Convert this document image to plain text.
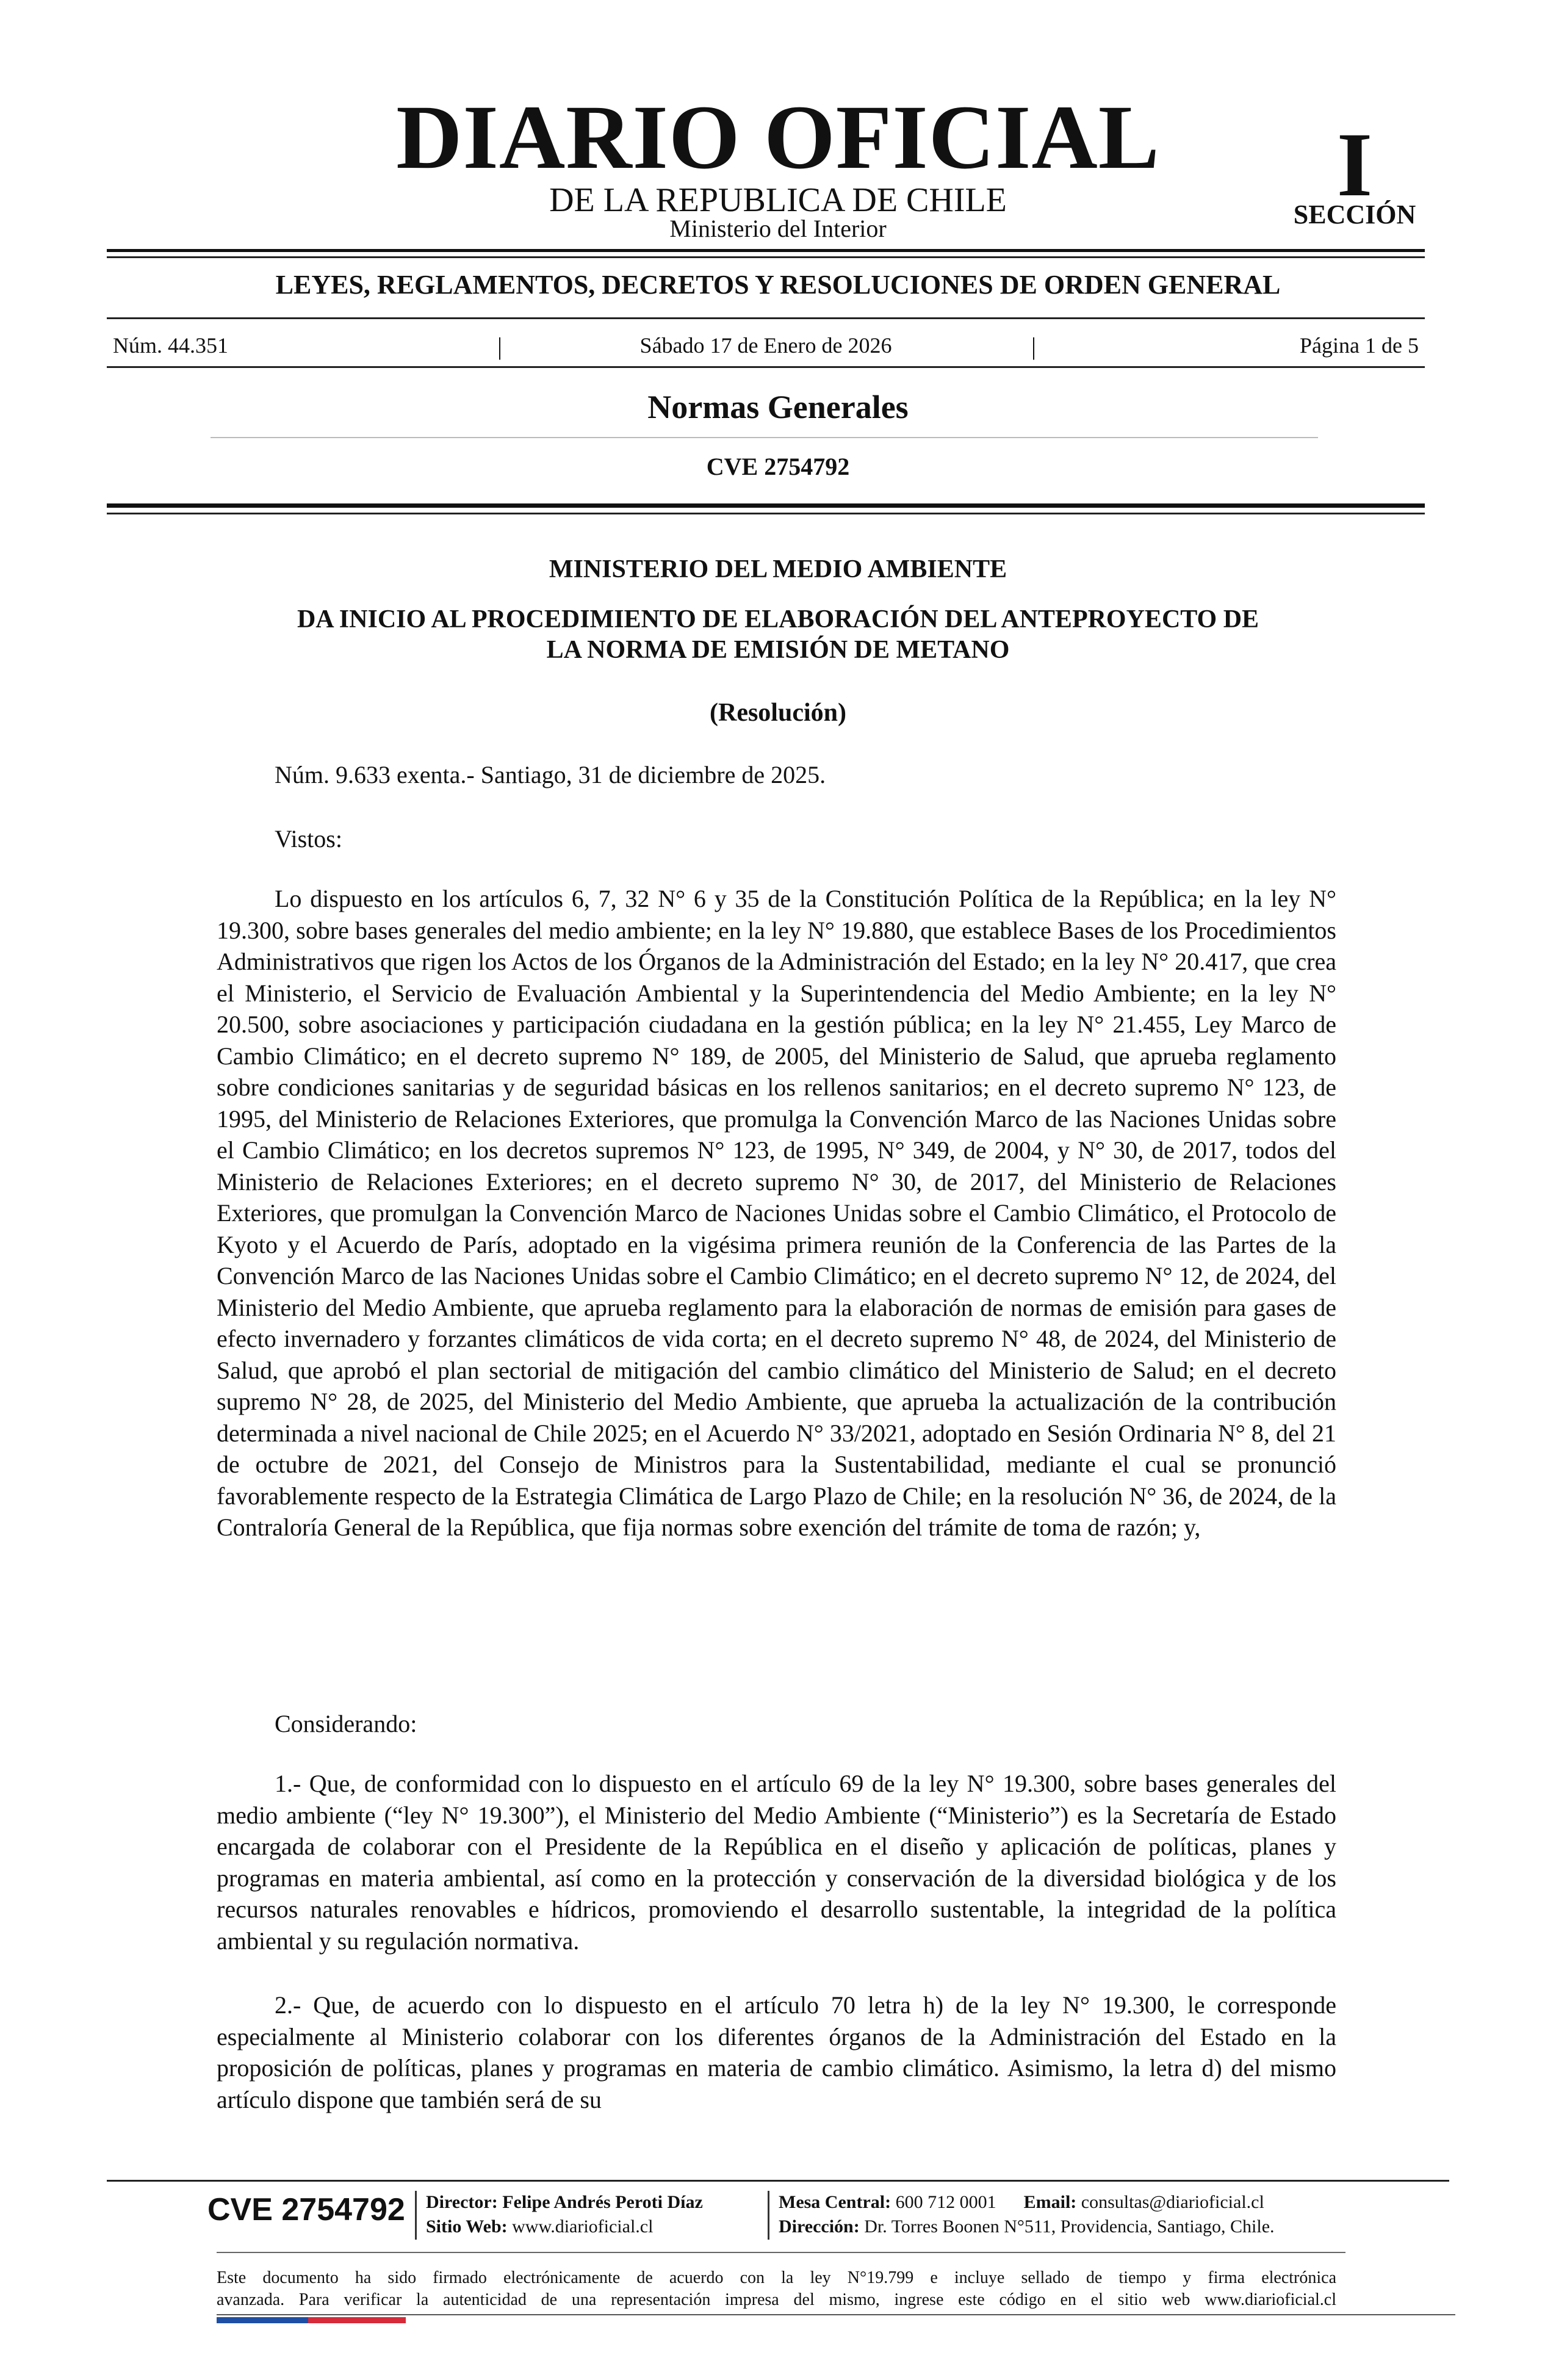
DIARIO OFICIAL
DE LA REPUBLICA DE CHILE
Ministerio del Interior
I
SECCIÓN
LEYES, REGLAMENTOS, DECRETOS Y RESOLUCIONES DE ORDEN GENERAL
Núm. 44.351	|	Sábado 17 de Enero de 2026	|	Página 1 de 5
Normas Generales
CVE 2754792
MINISTERIO DEL MEDIO AMBIENTE
DA INICIO AL PROCEDIMIENTO DE ELABORACIÓN DEL ANTEPROYECTO DE
LA NORMA DE EMISIÓN DE METANO
(Resolución)
Núm. 9.633 exenta.- Santiago, 31 de diciembre de 2025.
Vistos:
Lo dispuesto en los artículos 6, 7, 32 N° 6 y 35 de la Constitución Política de la República; en la ley N° 19.300, sobre bases generales del medio ambiente; en la ley N° 19.880, que establece Bases de los Procedimientos Administrativos que rigen los Actos de los Órganos de la Administración del Estado; en la ley N° 20.417, que crea el Ministerio, el Servicio de Evaluación Ambiental y la Superintendencia del Medio Ambiente; en la ley N° 20.500, sobre asociaciones y participación ciudadana en la gestión pública; en la ley N° 21.455, Ley Marco de Cambio Climático; en el decreto supremo N° 189, de 2005, del Ministerio de Salud, que aprueba reglamento sobre condiciones sanitarias y de seguridad básicas en los rellenos sanitarios; en el decreto supremo N° 123, de 1995, del Ministerio de Relaciones Exteriores, que promulga la Convención Marco de las Naciones Unidas sobre el Cambio Climático; en los decretos supremos N° 123, de 1995, N° 349, de 2004, y N° 30, de 2017, todos del Ministerio de Relaciones Exteriores; en el decreto supremo N° 30, de 2017, del Ministerio de Relaciones Exteriores, que promulgan la Convención Marco de Naciones Unidas sobre el Cambio Climático, el Protocolo de Kyoto y el Acuerdo de París, adoptado en la vigésima primera reunión de la Conferencia de las Partes de la Convención Marco de las Naciones Unidas sobre el Cambio Climático; en el decreto supremo N° 12, de 2024, del Ministerio del Medio Ambiente, que aprueba reglamento para la elaboración de normas de emisión para gases de efecto invernadero y forzantes climáticos de vida corta; en el decreto supremo N° 48, de 2024, del Ministerio de Salud, que aprobó el plan sectorial de mitigación del cambio climático del Ministerio de Salud; en el decreto supremo N° 28, de 2025, del Ministerio del Medio Ambiente, que aprueba la actualización de la contribución determinada a nivel nacional de Chile 2025; en el Acuerdo N° 33/2021, adoptado en Sesión Ordinaria N° 8, del 21 de octubre de 2021, del Consejo de Ministros para la Sustentabilidad, mediante el cual se pronunció favorablemente respecto de la Estrategia Climática de Largo Plazo de Chile; en la resolución N° 36, de 2024, de la Contraloría General de la República, que fija normas sobre exención del trámite de toma de razón; y,
Considerando:
1.- Que, de conformidad con lo dispuesto en el artículo 69 de la ley N° 19.300, sobre bases generales del medio ambiente (“ley N° 19.300”), el Ministerio del Medio Ambiente (“Ministerio”) es la Secretaría de Estado encargada de colaborar con el Presidente de la República en el diseño y aplicación de políticas, planes y programas en materia ambiental, así como en la protección y conservación de la diversidad biológica y de los recursos naturales renovables e hídricos, promoviendo el desarrollo sustentable, la integridad de la política ambiental y su regulación normativa.
2.- Que, de acuerdo con lo dispuesto en el artículo 70 letra h) de la ley N° 19.300, le corresponde especialmente al Ministerio colaborar con los diferentes órganos de la Administración del Estado en la proposición de políticas, planes y programas en materia de cambio climático. Asimismo, la letra d) del mismo artículo dispone que también será de su
CVE 2754792 Director: Felipe Andrés Peroti Díaz
Sitio Web: www.diarioficial.cl
Mesa Central: 600 712 0001 Email: consultas@diarioficial.cl
Dirección: Dr. Torres Boonen N°511, Providencia, Santiago, Chile.
Este documento ha sido firmado electrónicamente de acuerdo con la ley N°19.799 e incluye sellado de tiempo y firma electrónica
avanzada. Para verificar la autenticidad de una representación impresa del mismo, ingrese este código en el sitio web www.diarioficial.cl
